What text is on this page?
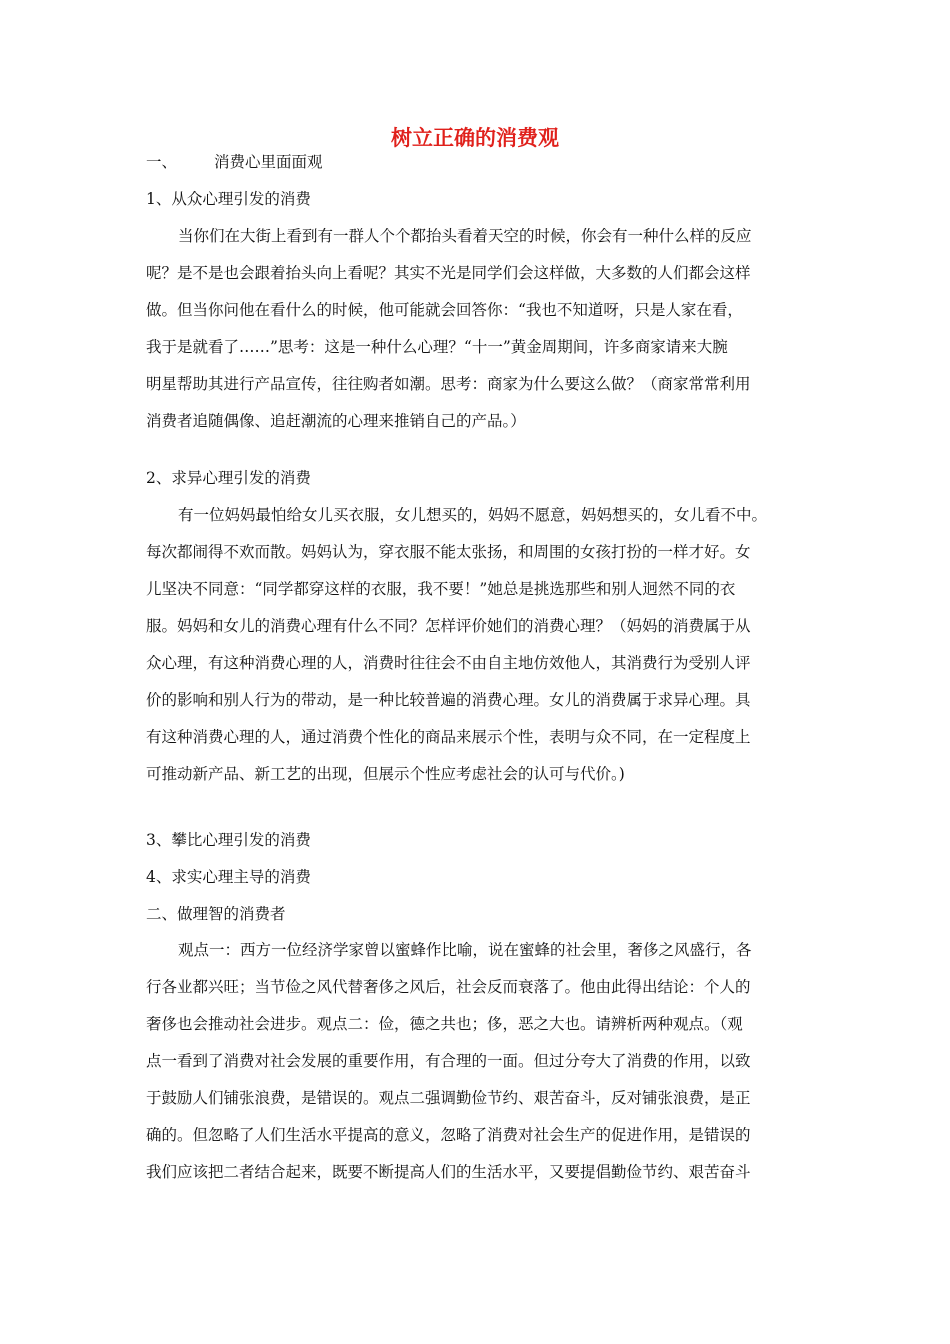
树立正确的消费观
一、 消费心里面面观
1、从众心理引发的消费
当你们在大街上看到有一群人个个都抬头看着天空的时候，你会有一种什么样的反应
呢？是不是也会跟着抬头向上看呢？其实不光是同学们会这样做，大多数的人们都会这样
做。但当你问他在看什么的时候，他可能就会回答你：“我也不知道呀，只是人家在看，
我于是就看了……”思考：这是一种什么心理？“十一”黄金周期间，许多商家请来大腕
明星帮助其进行产品宣传，往往购者如潮。思考：商家为什么要这么做？（商家常常利用
消费者追随偶像、追赶潮流的心理来推销自己的产品。）
2、求异心理引发的消费
有一位妈妈最怕给女儿买衣服，女儿想买的，妈妈不愿意，妈妈想买的，女儿看不中。
每次都闹得不欢而散。妈妈认为，穿衣服不能太张扬，和周围的女孩打扮的一样才好。女
儿坚决不同意：“同学都穿这样的衣服，我不要！”她总是挑选那些和别人迥然不同的衣
服。妈妈和女儿的消费心理有什么不同？怎样评价她们的消费心理？（妈妈的消费属于从
众心理，有这种消费心理的人，消费时往往会不由自主地仿效他人，其消费行为受别人评
价的影响和别人行为的带动，是一种比较普遍的消费心理。女儿的消费属于求异心理。具
有这种消费心理的人，通过消费个性化的商品来展示个性，表明与众不同，在一定程度上
可推动新产品、新工艺的出现，但展示个性应考虑社会的认可与代价。)
3、攀比心理引发的消费
4、求实心理主导的消费
二、做理智的消费者
观点一：西方一位经济学家曾以蜜蜂作比喻，说在蜜蜂的社会里，奢侈之风盛行，各
行各业都兴旺；当节俭之风代替奢侈之风后，社会反而衰落了。他由此得出结论：个人的
奢侈也会推动社会进步。观点二：俭，德之共也；侈，恶之大也。请辨析两种观点。（观
点一看到了消费对社会发展的重要作用，有合理的一面。但过分夸大了消费的作用，以致
于鼓励人们铺张浪费，是错误的。观点二强调勤俭节约、艰苦奋斗，反对铺张浪费，是正
确的。但忽略了人们生活水平提高的意义，忽略了消费对社会生产的促进作用，是错误的
我们应该把二者结合起来，既要不断提高人们的生活水平，又要提倡勤俭节约、艰苦奋斗
